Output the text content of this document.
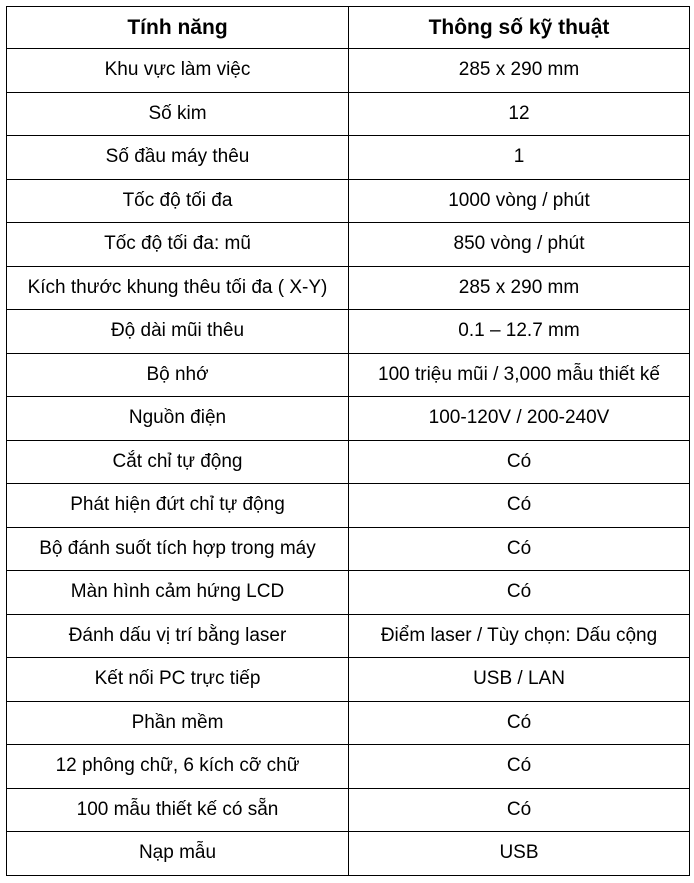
Tính năng	Thông số kỹ thuật
Khu vực làm việc	285 x 290 mm
Số kim	12
Số đầu máy thêu	1
Tốc độ tối đa	1000 vòng / phút
Tốc độ tối đa: mũ	850 vòng / phút
Kích thước khung thêu tối đa ( X-Y)	285 x 290 mm
Độ dài mũi thêu	0.1 – 12.7 mm
Bộ nhớ	100 triệu mũi / 3,000 mẫu thiết kế
Nguồn điện	100-120V / 200-240V
Cắt chỉ tự động	Có
Phát hiện đứt chỉ tự động	Có
Bộ đánh suốt tích hợp trong máy	Có
Màn hình cảm hứng LCD	Có
Đánh dấu vị trí bằng laser	Điểm laser / Tùy chọn: Dấu cộng
Kết nối PC trực tiếp	USB / LAN
Phần mềm	Có
12 phông chữ, 6 kích cỡ chữ	Có
100 mẫu thiết kế có sẵn	Có
Nạp mẫu	USB
